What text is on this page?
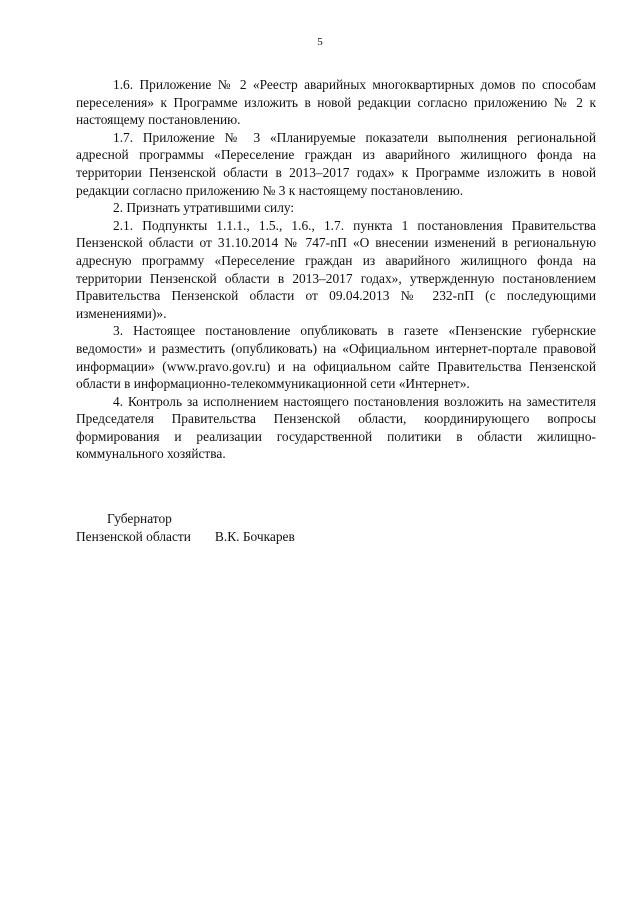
5

1.6. Приложение № 2 «Реестр аварийных многоквартирных домов по способам переселения» к Программе изложить в новой редакции согласно приложению № 2 к настоящему постановлению.

1.7. Приложение № 3 «Планируемые показатели выполнения региональной адресной программы «Переселение граждан из аварийного жилищного фонда на территории Пензенской области в 2013–2017 годах» к Программе изложить в новой редакции согласно приложению № 3 к настоящему постановлению.

2. Признать утратившими силу:

2.1. Подпункты 1.1.1., 1.5., 1.6., 1.7. пункта 1 постановления Правительства Пензенской области от 31.10.2014 № 747-пП «О внесении изменений в региональную адресную программу «Переселение граждан из аварийного жилищного фонда на территории Пензенской области в 2013–2017 годах», утвержденную постановлением Правительства Пензенской области от 09.04.2013 № 232-пП (с последующими изменениями)».

3. Настоящее постановление опубликовать в газете «Пензенские губернские ведомости» и разместить (опубликовать) на «Официальном интернет-портале правовой информации» (www.pravo.gov.ru) и на официальном сайте Правительства Пензенской области в информационно-телекоммуникационной сети «Интернет».

4. Контроль за исполнением настоящего постановления возложить на заместителя Председателя Правительства Пензенской области, координирующего вопросы формирования и реализации государственной политики в области жилищно-коммунального хозяйства.

Губернатор
Пензенской области В.К. Бочкарев
